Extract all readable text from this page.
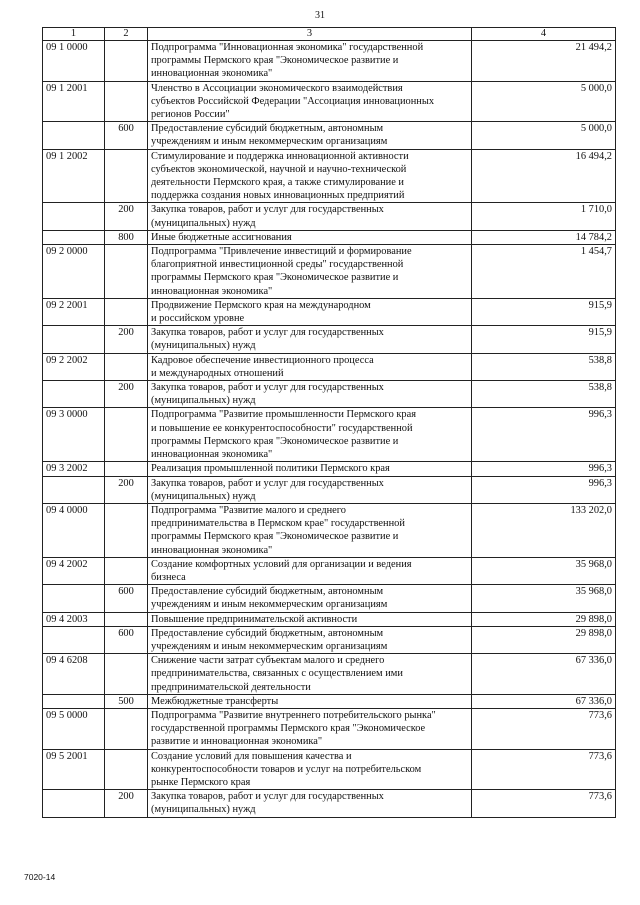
31
1	2	3	4
09 1 0000		Подпрограмма "Инновационная экономика" государственной
программы Пермского края "Экономическое развитие и
инновационная экономика"	21 494,2
09 1 2001		Членство в Ассоциации экономического взаимодействия
субъектов Российской Федерации "Ассоциация инновационных
регионов России"	5 000,0
	600	Предоставление субсидий бюджетным, автономным
учреждениям и иным некоммерческим организациям	5 000,0
09 1 2002		Стимулирование и поддержка инновационной активности
субъектов экономической, научной и научно-технической
деятельности Пермского края, а также стимулирование и
поддержка создания новых инновационных предприятий	16 494,2
	200	Закупка товаров, работ и услуг для государственных
(муниципальных) нужд	1 710,0
	800	Иные бюджетные ассигнования	14 784,2
09 2 0000		Подпрограмма "Привлечение инвестиций и формирование
благоприятной инвестиционной среды" государственной
программы Пермского края "Экономическое развитие и
инновационная экономика"	1 454,7
09 2 2001		Продвижение Пермского края на международном
и российском уровне	915,9
	200	Закупка товаров, работ и услуг для государственных
(муниципальных) нужд	915,9
09 2 2002		Кадровое обеспечение инвестиционного процесса
и международных отношений	538,8
	200	Закупка товаров, работ и услуг для государственных
(муниципальных) нужд	538,8
09 3 0000		Подпрограмма "Развитие промышленности Пермского края
и повышение ее конкурентоспособности" государственной
программы Пермского края "Экономическое развитие и
инновационная экономика"	996,3
09 3 2002		Реализация промышленной политики Пермского края	996,3
	200	Закупка товаров, работ и услуг для государственных
(муниципальных) нужд	996,3
09 4 0000		Подпрограмма "Развитие малого и среднего
предпринимательства в Пермском крае" государственной
программы Пермского края "Экономическое развитие и
инновационная экономика"	133 202,0
09 4 2002		Создание комфортных условий для организации и ведения
бизнеса	35 968,0
	600	Предоставление субсидий бюджетным, автономным
учреждениям и иным некоммерческим организациям	35 968,0
09 4 2003		Повышение предпринимательской активности	29 898,0
	600	Предоставление субсидий бюджетным, автономным
учреждениям и иным некоммерческим организациям	29 898,0
09 4 6208		Снижение части затрат субъектам малого и среднего
предпринимательства, связанных с осуществлением ими
предпринимательской деятельности	67 336,0
	500	Межбюджетные трансферты	67 336,0
09 5 0000		Подпрограмма "Развитие внутреннего потребительского рынка"
государственной программы Пермского края "Экономическое
развитие и инновационная экономика"	773,6
09 5 2001		Создание условий для повышения качества и
конкурентоспособности товаров и услуг на потребительском
рынке Пермского края	773,6
	200	Закупка товаров, работ и услуг для государственных
(муниципальных) нужд	773,6
7020-14
